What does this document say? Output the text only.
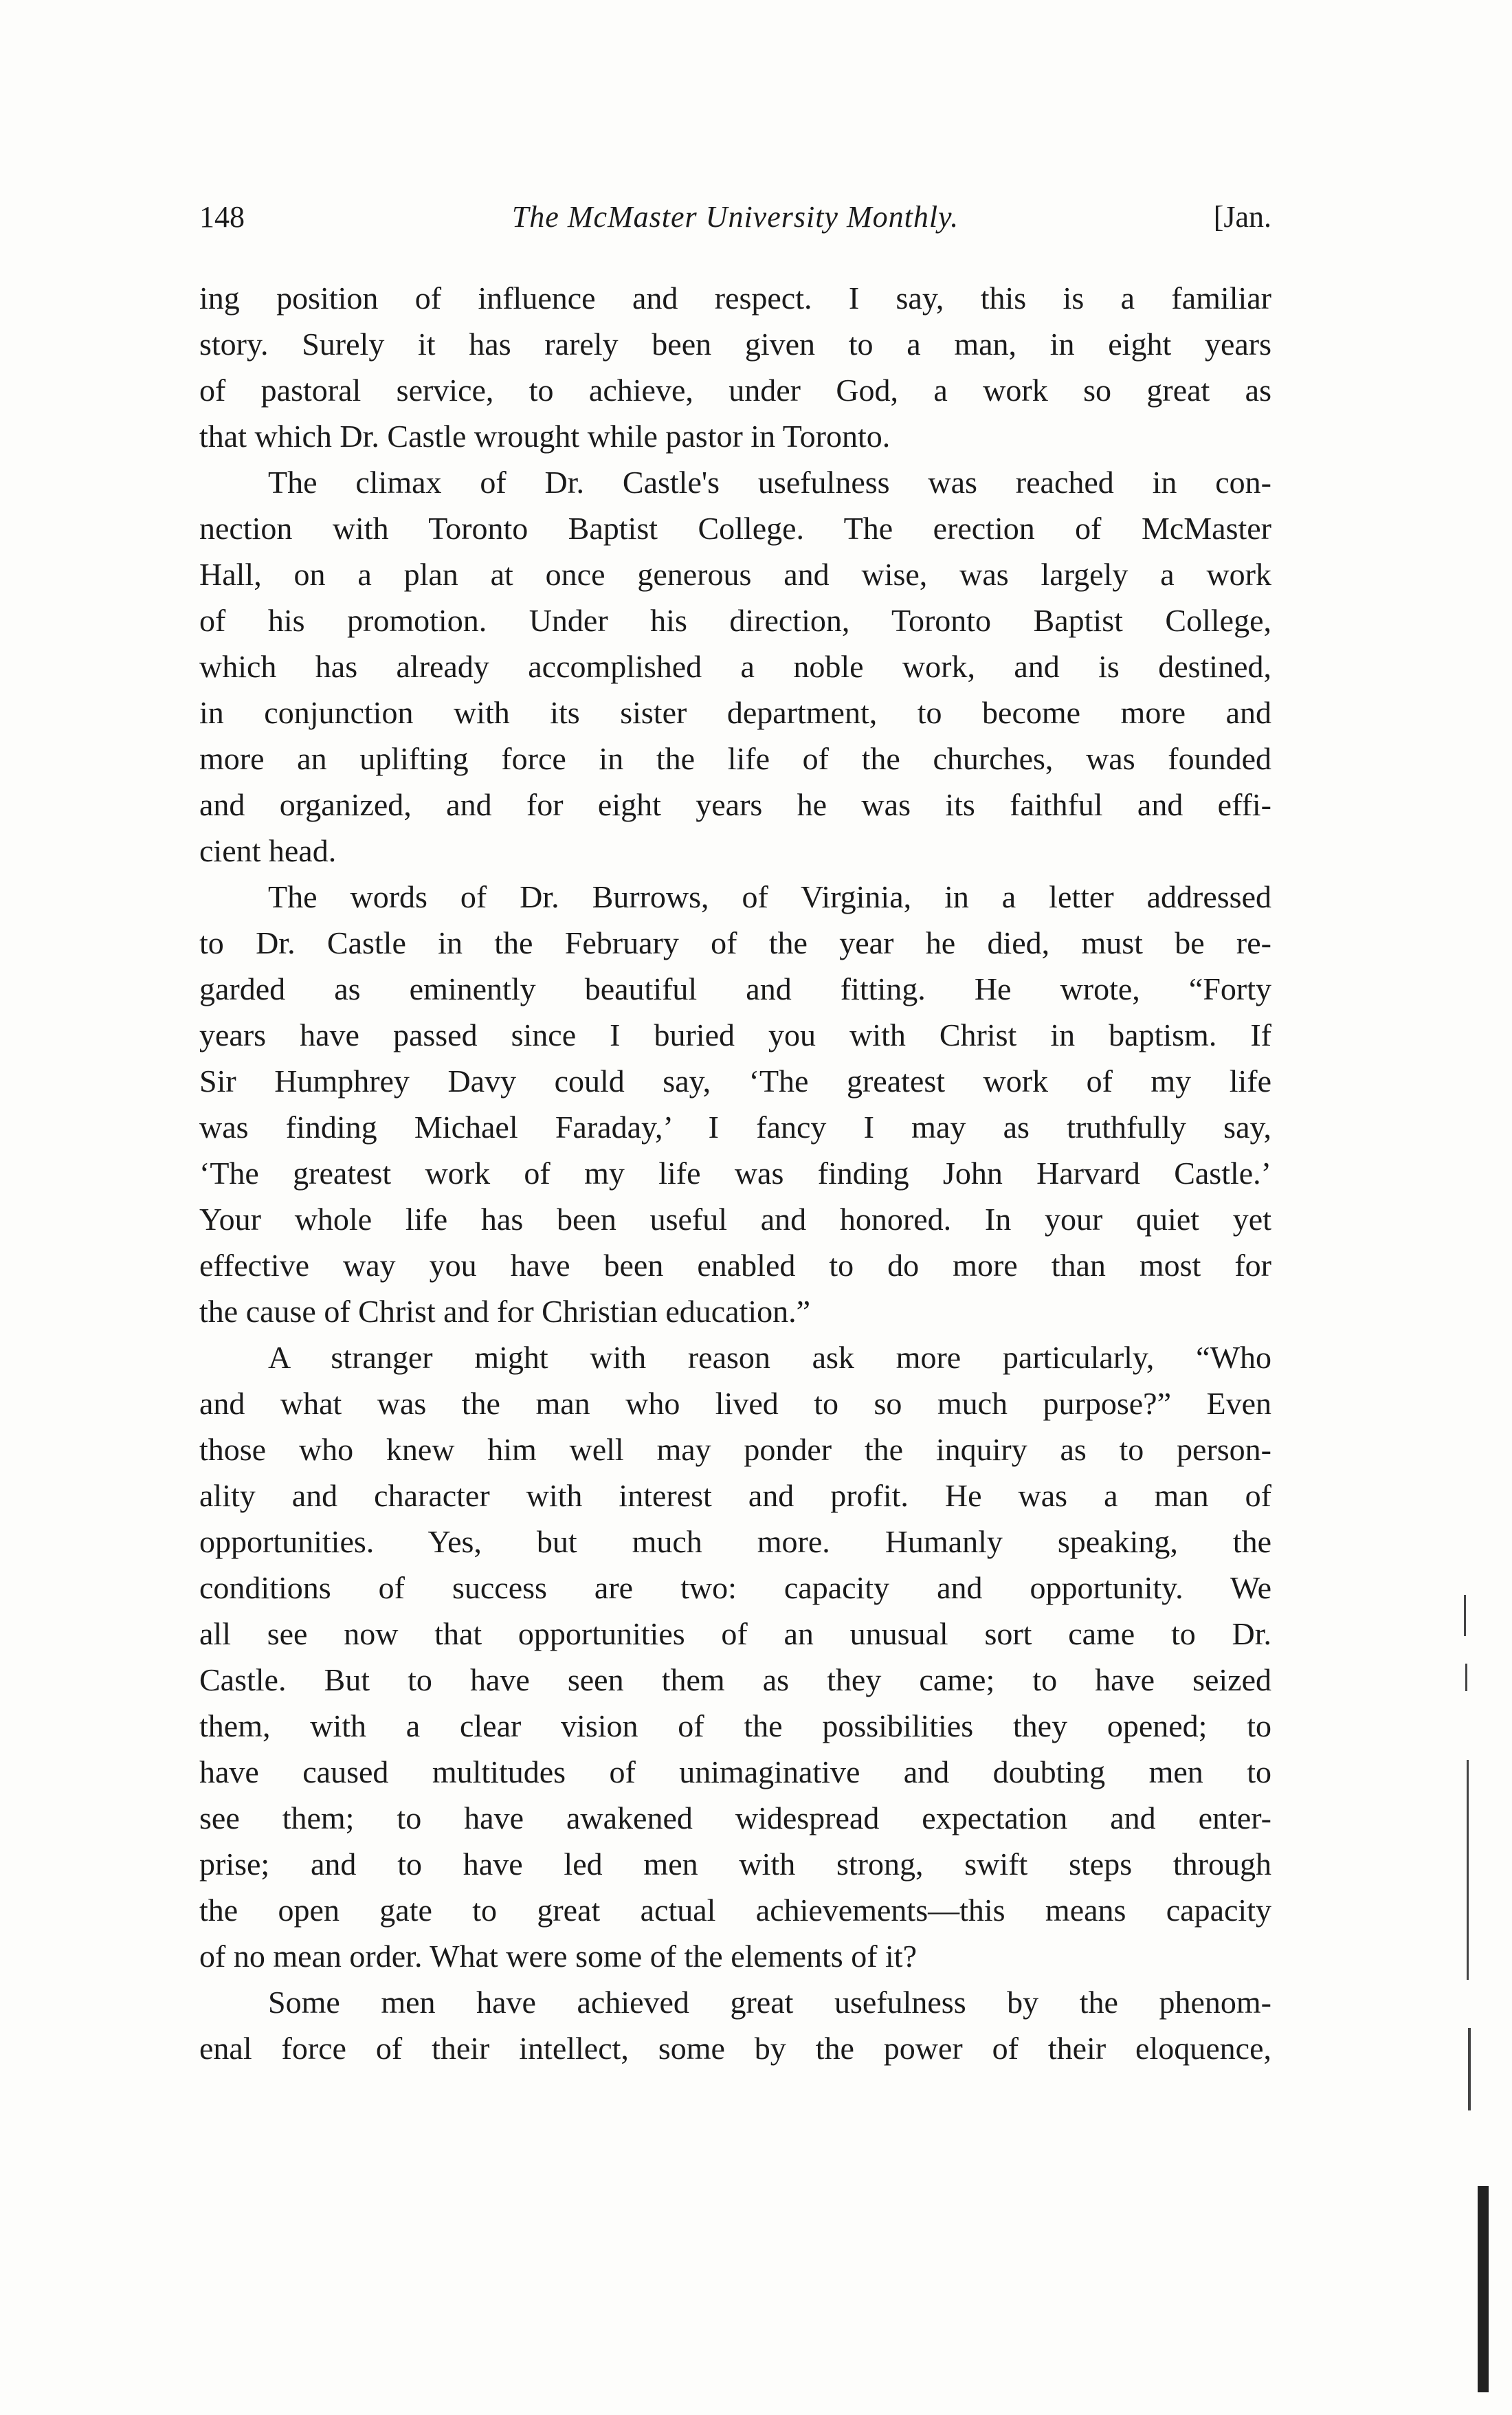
148	The McMaster University Monthly.	[Jan.
ing position of influence and respect. I say, this is a familiar
story. Surely it has rarely been given to a man, in eight years
of pastoral service, to achieve, under God, a work so great as
that which Dr. Castle wrought while pastor in Toronto.
The climax of Dr. Castle's usefulness was reached in con-
nection with Toronto Baptist College. The erection of McMaster
Hall, on a plan at once generous and wise, was largely a work
of his promotion. Under his direction, Toronto Baptist College,
which has already accomplished a noble work, and is destined,
in conjunction with its sister department, to become more and
more an uplifting force in the life of the churches, was founded
and organized, and for eight years he was its faithful and effi-
cient head.
The words of Dr. Burrows, of Virginia, in a letter addressed
to Dr. Castle in the February of the year he died, must be re-
garded as eminently beautiful and fitting. He wrote, “Forty
years have passed since I buried you with Christ in baptism. If
Sir Humphrey Davy could say, ‘The greatest work of my life
was finding Michael Faraday,’ I fancy I may as truthfully say,
‘The greatest work of my life was finding John Harvard Castle.’
Your whole life has been useful and honored. In your quiet yet
effective way you have been enabled to do more than most for
the cause of Christ and for Christian education.”
A stranger might with reason ask more particularly, “Who
and what was the man who lived to so much purpose?” Even
those who knew him well may ponder the inquiry as to person-
ality and character with interest and profit. He was a man of
opportunities. Yes, but much more. Humanly speaking, the
conditions of success are two: capacity and opportunity. We
all see now that opportunities of an unusual sort came to Dr.
Castle. But to have seen them as they came; to have seized
them, with a clear vision of the possibilities they opened; to
have caused multitudes of unimaginative and doubting men to
see them; to have awakened widespread expectation and enter-
prise; and to have led men with strong, swift steps through
the open gate to great actual achievements—this means capacity
of no mean order. What were some of the elements of it?
Some men have achieved great usefulness by the phenom-
enal force of their intellect, some by the power of their eloquence,
